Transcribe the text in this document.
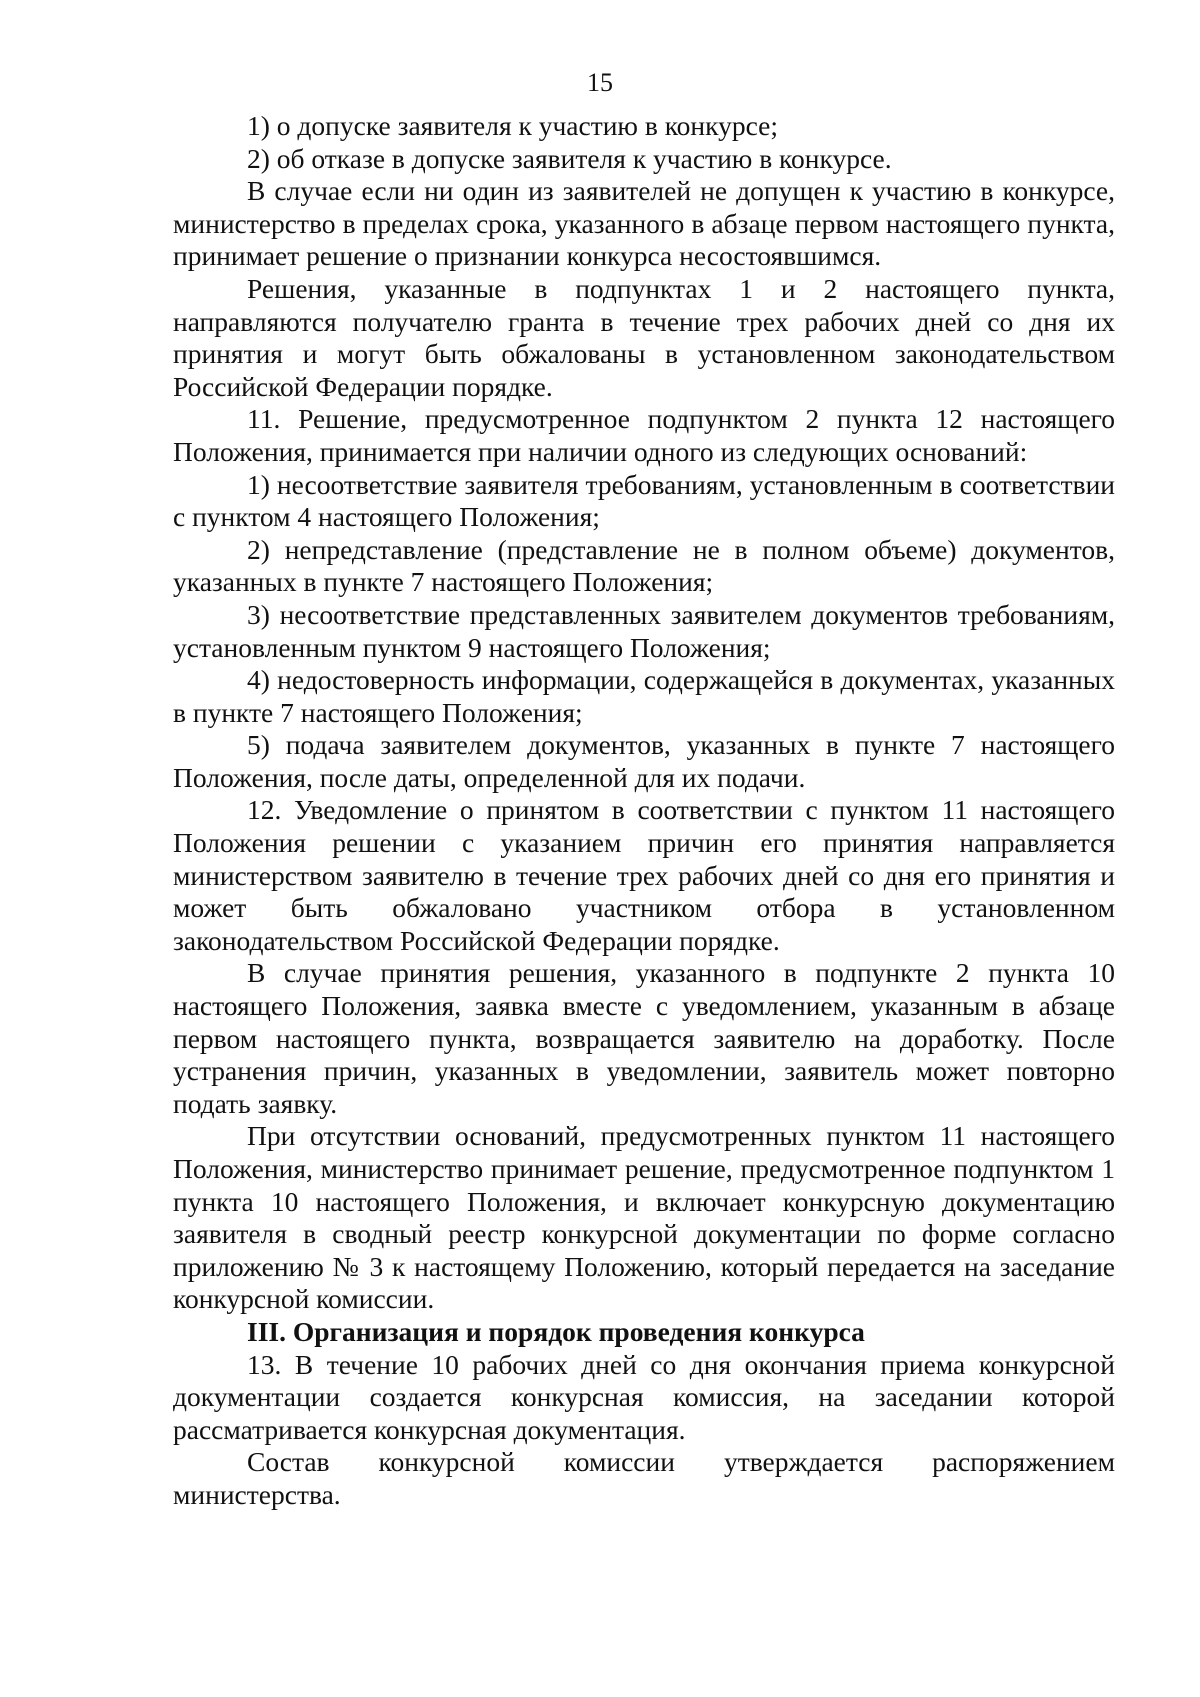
15

1) о допуске заявителя к участию в конкурсе;

2) об отказе в допуске заявителя к участию в конкурсе.

В случае если ни один из заявителей не допущен к участию в конкурсе, министерство в пределах срока, указанного в абзаце первом настоящего пункта, принимает решение о признании конкурса несостоявшимся.

Решения, указанные в подпунктах 1 и 2 настоящего пункта, направляются получателю гранта в течение трех рабочих дней со дня их принятия и могут быть обжалованы в установленном законодательством Российской Федерации порядке.

11. Решение, предусмотренное подпунктом 2 пункта 12 настоящего Положения, принимается при наличии одного из следующих оснований:

1) несоответствие заявителя требованиям, установленным в соответствии с пунктом 4 настоящего Положения;

2) непредставление (представление не в полном объеме) документов, указанных в пункте 7 настоящего Положения;

3) несоответствие представленных заявителем документов требованиям, установленным пунктом 9 настоящего Положения;

4) недостоверность информации, содержащейся в документах, указанных в пункте 7 настоящего Положения;

5) подача заявителем документов, указанных в пункте 7 настоящего Положения, после даты, определенной для их подачи.

12. Уведомление о принятом в соответствии с пунктом 11 настоящего Положения решении с указанием причин его принятия направляется министерством заявителю в течение трех рабочих дней со дня его принятия и может быть обжаловано участником отбора в установленном законодательством Российской Федерации порядке.

В случае принятия решения, указанного в подпункте 2 пункта 10 настоящего Положения, заявка вместе с уведомлением, указанным в абзаце первом настоящего пункта, возвращается заявителю на доработку. После устранения причин, указанных в уведомлении, заявитель может повторно подать заявку.

При отсутствии оснований, предусмотренных пунктом 11 настоящего Положения, министерство принимает решение, предусмотренное подпунктом 1 пункта 10 настоящего Положения, и включает конкурсную документацию заявителя в сводный реестр конкурсной документации по форме согласно приложению № 3 к настоящему Положению, который передается на заседание конкурсной комиссии.

III. Организация и порядок проведения конкурса

13. В течение 10 рабочих дней со дня окончания приема конкурсной документации создается конкурсная комиссия, на заседании которой рассматривается конкурсная документация.

Состав конкурсной комиссии утверждается распоряжением министерства.
